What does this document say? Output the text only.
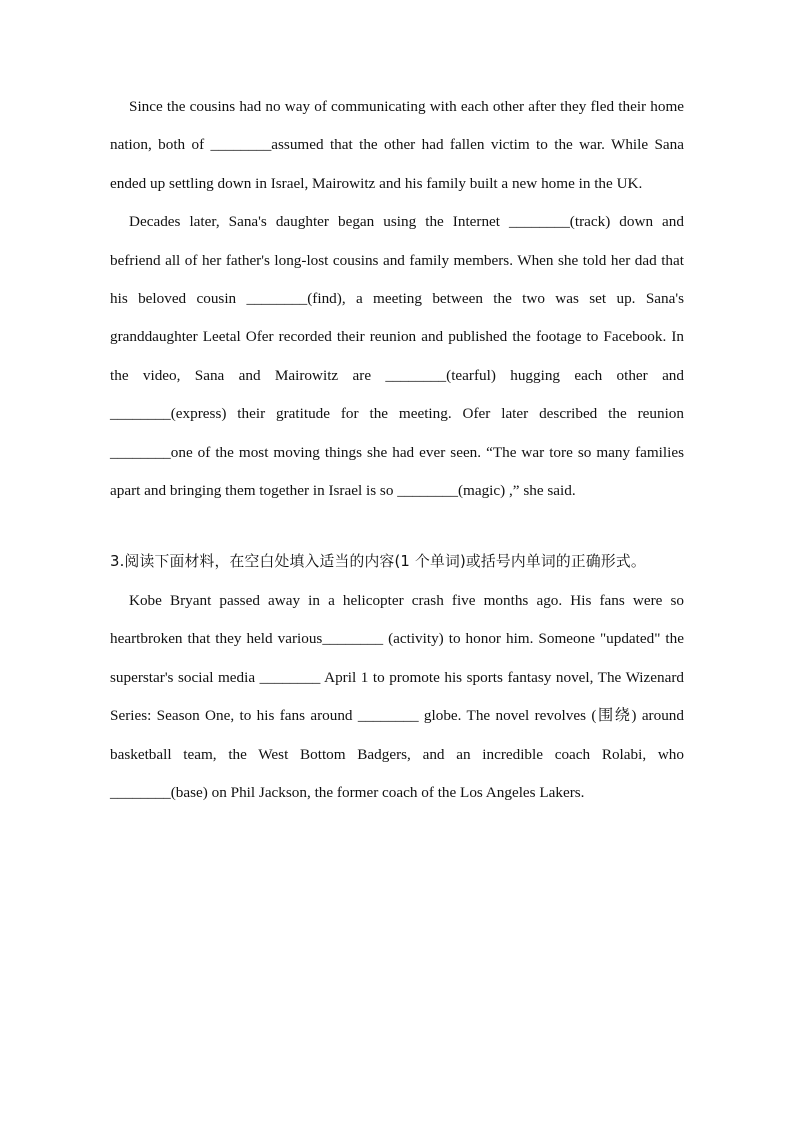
Since the cousins had no way of communicating with each other after they fled their home nation, both of ________assumed that the other had fallen victim to the war. While Sana ended up settling down in Israel, Mairowitz and his family built a new home in the UK.

Decades later, Sana's daughter began using the Internet ________(track) down and befriend all of her father's long-lost cousins and family members. When she told her dad that his beloved cousin ________(find), a meeting between the two was set up. Sana's granddaughter Leetal Ofer recorded their reunion and published the footage to Facebook. In the video, Sana and Mairowitz are ________(tearful) hugging each other and ________(express) their gratitude for the meeting. Ofer later described the reunion ________one of the most moving things she had ever seen. “The war tore so many families apart and bringing them together in Israel is so ________(magic) ,” she said.

3.阅读下面材料，在空白处填入适当的内容(1 个单词)或括号内单词的正确形式。

Kobe Bryant passed away in a helicopter crash five months ago. His fans were so heartbroken that they held various________ (activity) to honor him. Someone "updated" the superstar's social media ________ April 1 to promote his sports fantasy novel, The Wizenard Series: Season One, to his fans around ________ globe. The novel revolves (围绕) around basketball team, the West Bottom Badgers, and an incredible coach Rolabi, who ________(base) on Phil Jackson, the former coach of the Los Angeles Lakers.
